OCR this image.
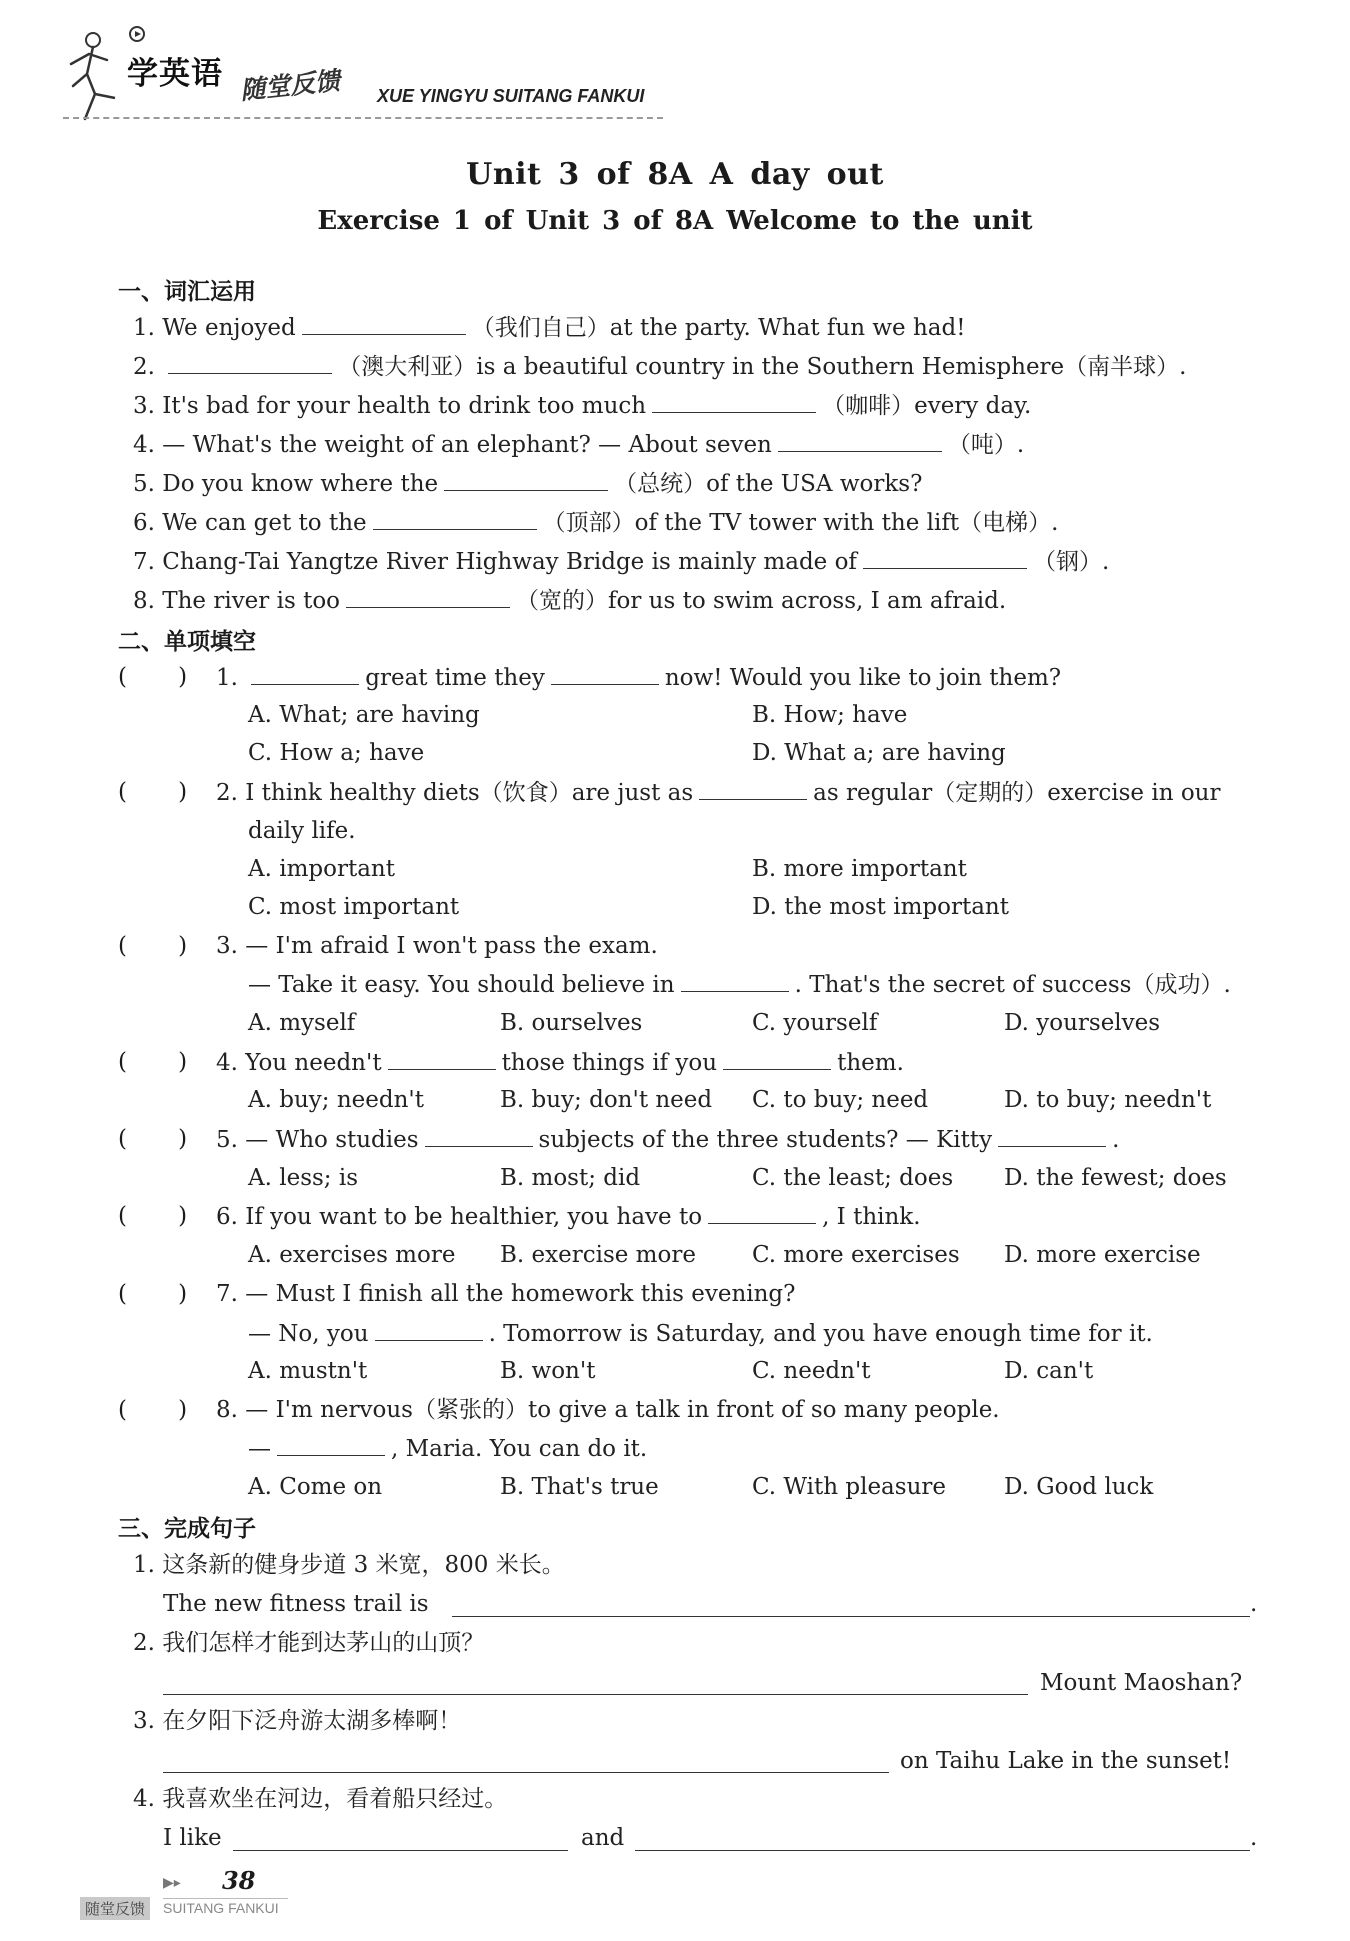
学英语 随堂反馈 XUE YINGYU SUITANG FANKUI
Unit 3 of 8A A day out
Exercise 1 of Unit 3 of 8A Welcome to the unit
一、词汇运用
1. We enjoyed	（我们自己）at the party. What fun we had!
2.	（澳大利亚）is a beautiful country in the Southern Hemisphere（南半球）.
3. It's bad for your health to drink too much	（咖啡）every day.
4. — What's the weight of an elephant? — About seven	（吨）.
5. Do you know where the	（总统）of the USA works?
6. We can get to the	（顶部）of the TV tower with the lift（电梯）.
7. Chang-Tai Yangtze River Highway Bridge is mainly made of	（钢）.
8. The river is too	（宽的）for us to swim across, I am afraid.
二、单项填空
(       ) 1.	great time they	now! Would you like to join them?
A. What; are having	B. How; have
C. How a; have	D. What a; are having
(       ) 2. I think healthy diets（饮食）are just as	as regular（定期的）exercise in our
daily life.
A. important	B. more important
C. most important	D. the most important
(       ) 3. — I'm afraid I won't pass the exam.
— Take it easy. You should believe in	. That's the secret of success（成功）.
A. myself	B. ourselves	C. yourself	D. yourselves
(       ) 4. You needn't	those things if you	them.
A. buy; needn't	B. buy; don't need C. to buy; need	D. to buy; needn't
(       ) 5. — Who studies	subjects of the three students? — Kitty	.
A. less; is	B. most; did	C. the least; does D. the fewest; does
(       ) 6. If you want to be healthier, you have to	, I think.
A. exercises more B. exercise more C. more exercises D. more exercise
(       ) 7. — Must I finish all the homework this evening?
— No, you	. Tomorrow is Saturday, and you have enough time for it.
A. mustn't	B. won't	C. needn't	D. can't
(       ) 8. — I'm nervous（紧张的）to give a talk in front of so many people.
—	, Maria. You can do it.
A. Come on	B. That's true	C. With pleasure	D. Good luck
三、完成句子
1. 这条新的健身步道 3 米宽，800 米长。
The new fitness trail is	.
2. 我们怎样才能到达茅山的山顶？
Mount Maoshan?
3. 在夕阳下泛舟游太湖多棒啊！
on Taihu Lake in the sunset!
4. 我喜欢坐在河边，看着船只经过。
I like	and	.
▶▸ 38
随堂反馈	SUITANG FANKUI
